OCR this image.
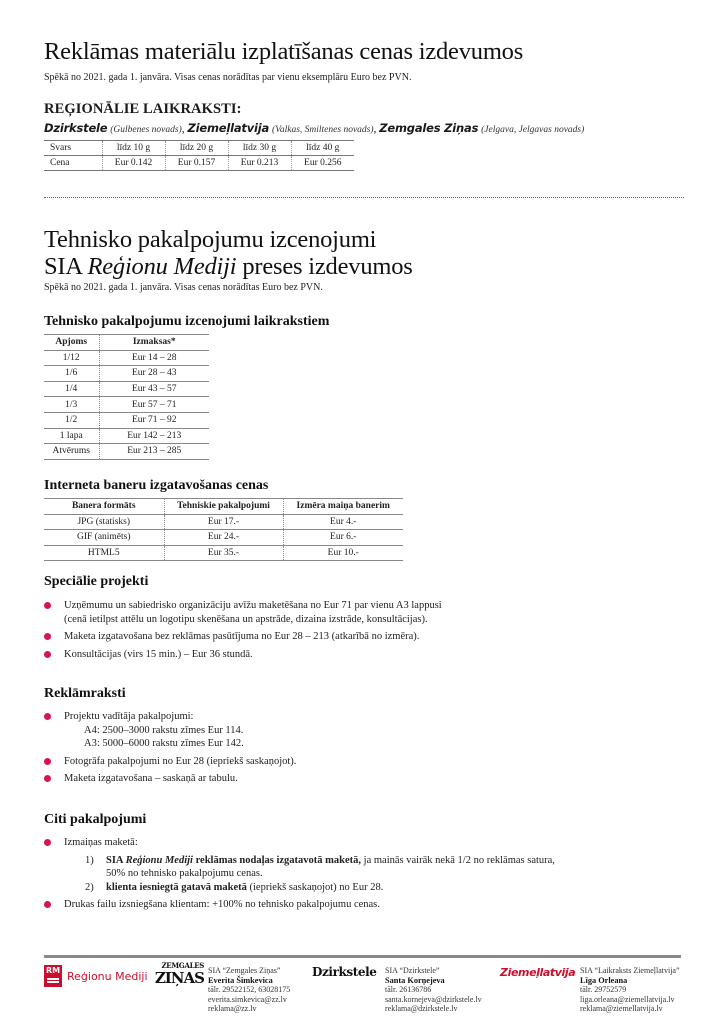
Reklāmas materiālu izplatīšanas cenas izdevumos
Spēkā no 2021. gada 1. janvāra. Visas cenas norādītas par vienu eksemplāru Euro bez PVN.
REĢIONĀLIE LAIKRAKSTI:
Dzirkstele (Gulbenes novads), Ziemeļlatvija (Valkas, Smiltenes novads), Zemgales Ziņas (Jelgava, Jelgavas novads)
Svars	līdz 10 g	līdz 20 g	līdz 30 g	līdz 40 g
Cena	Eur 0.142	Eur 0.157	Eur 0.213	Eur 0.256
Tehnisko pakalpojumu izcenojumi
SIA Reģionu Mediji preses izdevumos
Spēkā no 2021. gada 1. janvāra. Visas cenas norādītas Euro bez PVN.
Tehnisko pakalpojumu izcenojumi laikrakstiem
Apjoms	Izmaksas*
1/12	Eur 14 – 28
1/6	Eur 28 – 43
1/4	Eur 43 – 57
1/3	Eur 57 – 71
1/2	Eur 71 – 92
1 lapa	Eur 142 – 213
Atvērums	Eur 213 – 285
Interneta baneru izgatavošanas cenas
Banera formāts	Tehniskie pakalpojumi	Izmēra maiņa banerim
JPG (statisks)	Eur 17.-	Eur 4.-
GIF (animēts)	Eur 24.-	Eur 6.-
HTML5	Eur 35.-	Eur 10.-
Speciālie projekti
Uzņēmumu un sabiedrisko organizāciju avīžu maketēšana no Eur 71 par vienu A3 lappusi
(cenā ietilpst attēlu un logotipu skenēšana un apstrāde, dizaina izstrāde, konsultācijas).
Maketa izgatavošana bez reklāmas pasūtījuma no Eur 28 – 213 (atkarībā no izmēra).
Konsultācijas (virs 15 min.) – Eur 36 stundā.
Reklāmraksti
Projektu vadītāja pakalpojumi:
A4: 2500–3000 rakstu zīmes Eur 114.
A3: 5000–6000 rakstu zīmes Eur 142.
Fotogrāfa pakalpojumi no Eur 28 (iepriekš saskaņojot).
Maketa izgatavošana – saskaņā ar tabulu.
Citi pakalpojumi
Izmaiņas maketā:
1) SIA Reģionu Mediji reklāmas nodaļas izgatavotā maketā, ja mainās vairāk nekā 1/2 no reklāmas satura,
50% no tehnisko pakalpojumu cenas.
2) klienta iesniegtā gatavā maketā (iepriekš saskaņojot) no Eur 28.
Drukas failu izsniegšana klientam: +100% no tehnisko pakalpojumu cenas.
RM Reģionu Mediji
ZEMGALES
ZIŅAS SIA “Zemgales Ziņas”
Everita Šimkevica
tālr. 29522152, 63028175
everita.simkevica@zz.lv
reklama@zz.lv
Dzirkstele	SIA “Dzirkstele”
Santa Korņejeva
tālr. 26136786
santa.kornejeva@dzirkstele.lv
reklama@dzirkstele.lv
Ziemeļlatvija SIA “Laikraksts Ziemeļlatvija”
Līga Orleana
tālr. 29752579
liga.orleana@ziemellatvija.lv
reklama@ziemellatvija.lv
